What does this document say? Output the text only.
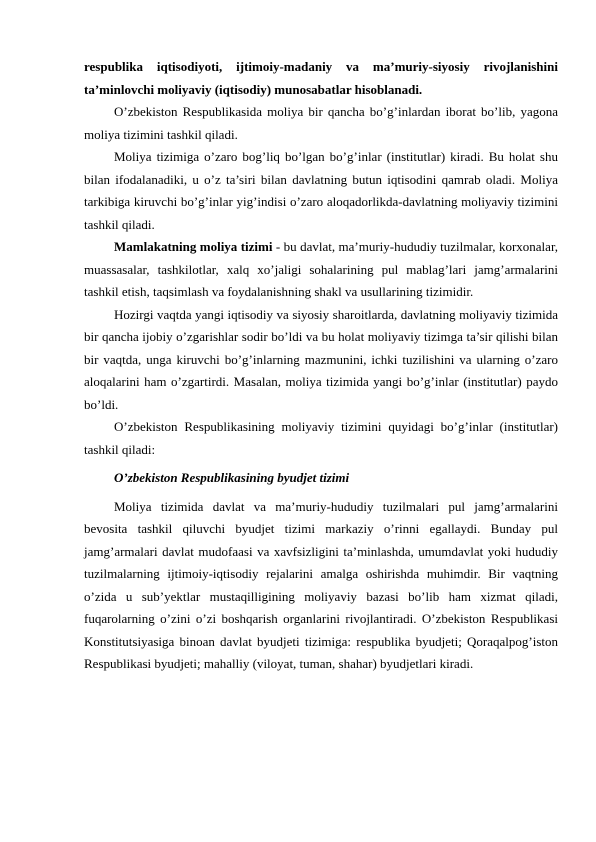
respublika iqtisodiyoti, ijtimoiy-madaniy va ma’muriy-siyosiy rivojlanishini ta’minlovchi moliyaviy (iqtisodiy) munosabatlar hisoblanadi.

O’zbekiston Respublikasida moliya bir qancha bo’g’inlardan iborat bo’lib, yagona moliya tizimini tashkil qiladi.

Moliya tizimiga o’zaro bog’liq bo’lgan bo’g’inlar (institutlar) kiradi. Bu holat shu bilan ifodalanadiki, u o’z ta’siri bilan davlatning butun iqtisodini qamrab oladi. Moliya tarkibiga kiruvchi bo’g’inlar yig’indisi o’zaro aloqadorlikda-davlatning moliyaviy tizimini tashkil qiladi.

Mamlakatning moliya tizimi - bu davlat, ma’muriy-hududiy tuzilmalar, korxonalar, muassasalar, tashkilotlar, xalq xo’jaligi sohalarining pul mablag’lari jamg’armalarini tashkil etish, taqsimlash va foydalanishning shakl va usullarining tizimidir.

Hozirgi vaqtda yangi iqtisodiy va siyosiy sharoitlarda, davlatning moliyaviy tizimida bir qancha ijobiy o’zgarishlar sodir bo’ldi va bu holat moliyaviy tizimga ta’sir qilishi bilan bir vaqtda, unga kiruvchi bo’g’inlarning mazmunini, ichki tuzilishini va ularning o’zaro aloqalarini ham o’zgartirdi. Masalan, moliya tizimida yangi bo’g’inlar (institutlar) paydo bo’ldi.

O’zbekiston Respublikasining moliyaviy tizimini quyidagi bo’g’inlar (institutlar) tashkil qiladi:

O’zbekiston Respublikasining byudjet tizimi

Moliya tizimida davlat va ma’muriy-hududiy tuzilmalari pul jamg’armalarini bevosita tashkil qiluvchi byudjet tizimi markaziy o’rinni egallaydi. Bunday pul jamg’armalari davlat mudofaasi va xavfsizligini ta’minlashda, umumdavlat yoki hududiy tuzilmalarning ijtimoiy-iqtisodiy rejalarini amalga oshirishda muhimdir. Bir vaqtning o’zida u sub’yektlar mustaqilligining moliyaviy bazasi bo’lib ham xizmat qiladi, fuqarolarning o’zini o’zi boshqarish organlarini rivojlantiradi. O’zbekiston Respublikasi Konstitutsiyasiga binoan davlat byudjeti tizimiga: respublika byudjeti; Qoraqalpog’iston Respublikasi byudjeti; mahalliy (viloyat, tuman, shahar) byudjetlari kiradi.
